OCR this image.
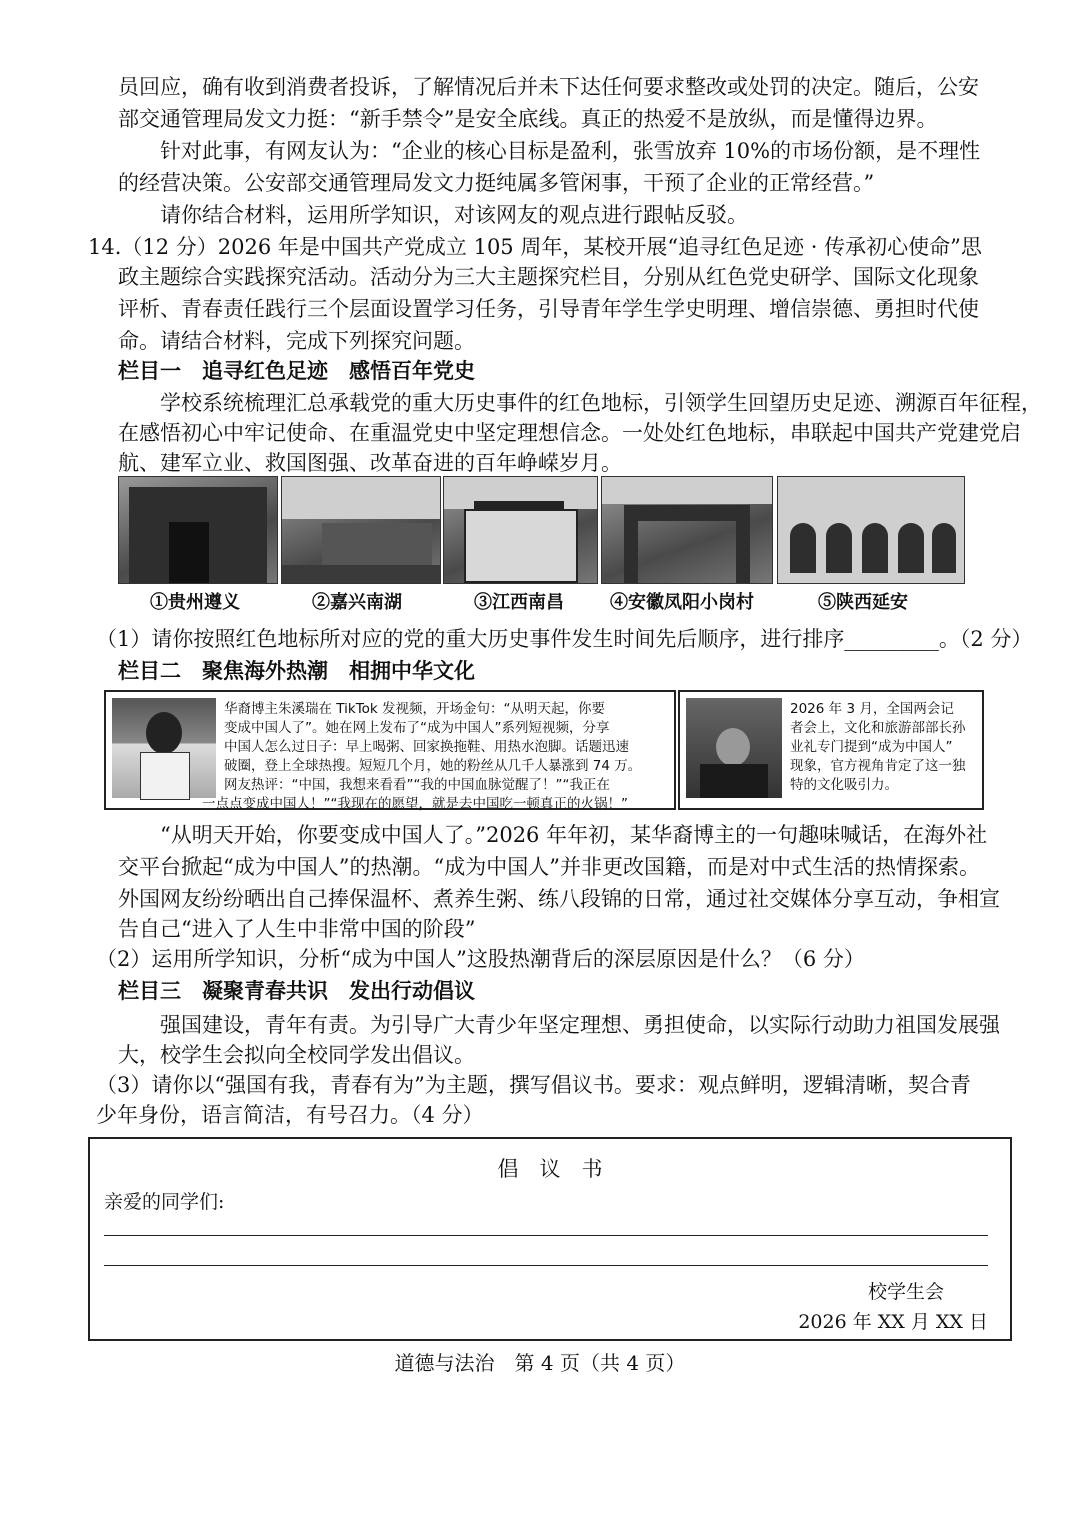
员回应，确有收到消费者投诉，了解情况后并未下达任何要求整改或处罚的决定。随后，公安
部交通管理局发文力挺：“新手禁令”是安全底线。真正的热爱不是放纵，而是懂得边界。
针对此事，有网友认为：“企业的核心目标是盈利，张雪放弃 10%的市场份额，是不理性
的经营决策。公安部交通管理局发文力挺纯属多管闲事，干预了企业的正常经营。”
请你结合材料，运用所学知识，对该网友的观点进行跟帖反驳。
14.（12 分）2026 年是中国共产党成立 105 周年，某校开展“追寻红色足迹 · 传承初心使命”思
政主题综合实践探究活动。活动分为三大主题探究栏目，分别从红色党史研学、国际文化现象
评析、青春责任践行三个层面设置学习任务，引导青年学生学史明理、增信崇德、勇担时代使
命。请结合材料，完成下列探究问题。
栏目一　追寻红色足迹　感悟百年党史
学校系统梳理汇总承载党的重大历史事件的红色地标，引领学生回望历史足迹、溯源百年征程，
在感悟初心中牢记使命、在重温党史中坚定理想信念。一处处红色地标，串联起中国共产党建党启
航、建军立业、救国图强、改革奋进的百年峥嵘岁月。
①贵州遵义	②嘉兴南湖	③江西南昌	④安徽凤阳小岗村	⑤陕西延安
（1）请你按照红色地标所对应的党的重大历史事件发生时间先后顺序，进行排序_________。（2 分）
栏目二　聚焦海外热潮　相拥中华文化
华裔博主朱溪瑞在 TikTok 发视频，开场金句：“从明天起，你要
变成中国人了”。她在网上发布了“成为中国人”系列短视频，分享
中国人怎么过日子：早上喝粥、回家换拖鞋、用热水泡脚。话题迅速
破圈，登上全球热搜。短短几个月，她的粉丝从几千人暴涨到 74 万。
网友热评：“中国，我想来看看”“我的中国血脉觉醒了！”“我正在
一点点变成中国人！”“我现在的愿望，就是去中国吃一顿真正的火锅！”
2026 年 3 月，全国两会记
者会上，文化和旅游部部长孙
业礼专门提到“成为中国人”
现象，官方视角肯定了这一独
特的文化吸引力。
“从明天开始，你要变成中国人了。”2026 年年初，某华裔博主的一句趣味喊话，在海外社
交平台掀起“成为中国人”的热潮。“成为中国人”并非更改国籍，而是对中式生活的热情探索。
外国网友纷纷晒出自己捧保温杯、煮养生粥、练八段锦的日常，通过社交媒体分享互动，争相宣
告自己“进入了人生中非常中国的阶段”
（2）运用所学知识，分析“成为中国人”这股热潮背后的深层原因是什么？（6 分）
栏目三　凝聚青春共识　发出行动倡议
强国建设，青年有责。为引导广大青少年坚定理想、勇担使命，以实际行动助力祖国发展强
大，校学生会拟向全校同学发出倡议。
（3）请你以“强国有我，青春有为”为主题，撰写倡议书。要求：观点鲜明，逻辑清晰，契合青
少年身份，语言简洁，有号召力。（4 分）
倡　议　书
亲爱的同学们:
校学生会
2026 年 XX 月 XX 日
道德与法治　第 4 页（共 4 页）
